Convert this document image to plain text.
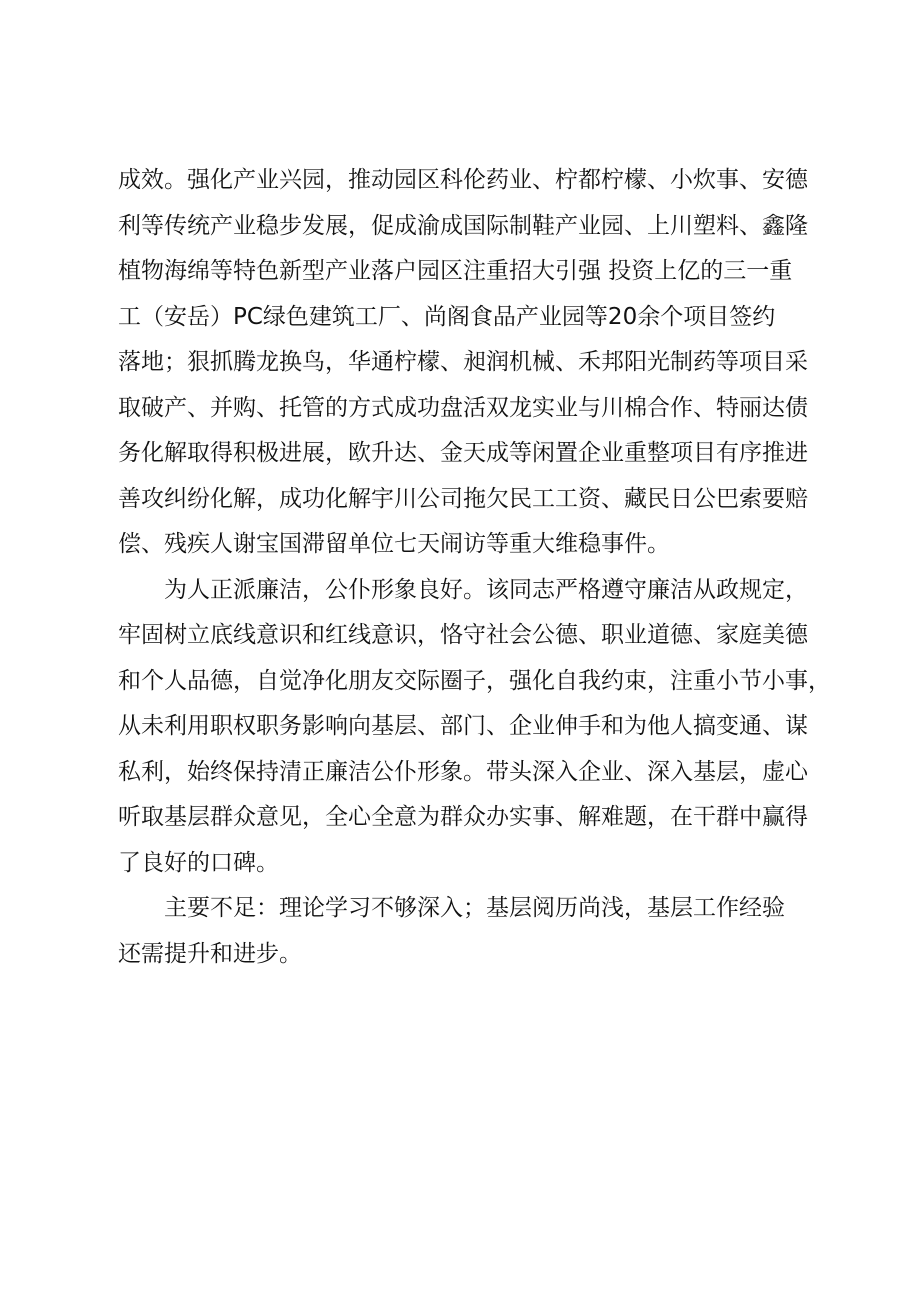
成效。强化产业兴园，推动园区科伦药业、柠都柠檬、小炊事、安德
利等传统产业稳步发展，促成渝成国际制鞋产业园、上川塑料、鑫隆
植物海绵等特色新型产业落户园区注重招大引强 投资上亿的三一重
工（安岳）PC绿色建筑工厂、尚阁食品产业园等20余个项目签约
落地；狠抓腾龙换鸟，华通柠檬、昶润机械、禾邦阳光制药等项目采
取破产、并购、托管的方式成功盘活双龙实业与川棉合作、特丽达债
务化解取得积极进展，欧升达、金天成等闲置企业重整项目有序推进
善攻纠纷化解，成功化解宇川公司拖欠民工工资、藏民日公巴索要赔
偿、残疾人谢宝国滞留单位七天闹访等重大维稳事件。
为人正派廉洁，公仆形象良好。该同志严格遵守廉洁从政规定，
牢固树立底线意识和红线意识，恪守社会公德、职业道德、家庭美德
和个人品德，自觉净化朋友交际圈子，强化自我约束，注重小节小事，
从未利用职权职务影响向基层、部门、企业伸手和为他人搞变通、谋
私利，始终保持清正廉洁公仆形象。带头深入企业、深入基层，虚心
听取基层群众意见，全心全意为群众办实事、解难题，在干群中赢得
了良好的口碑。
主要不足：理论学习不够深入；基层阅历尚浅，基层工作经验
还需提升和进步。
